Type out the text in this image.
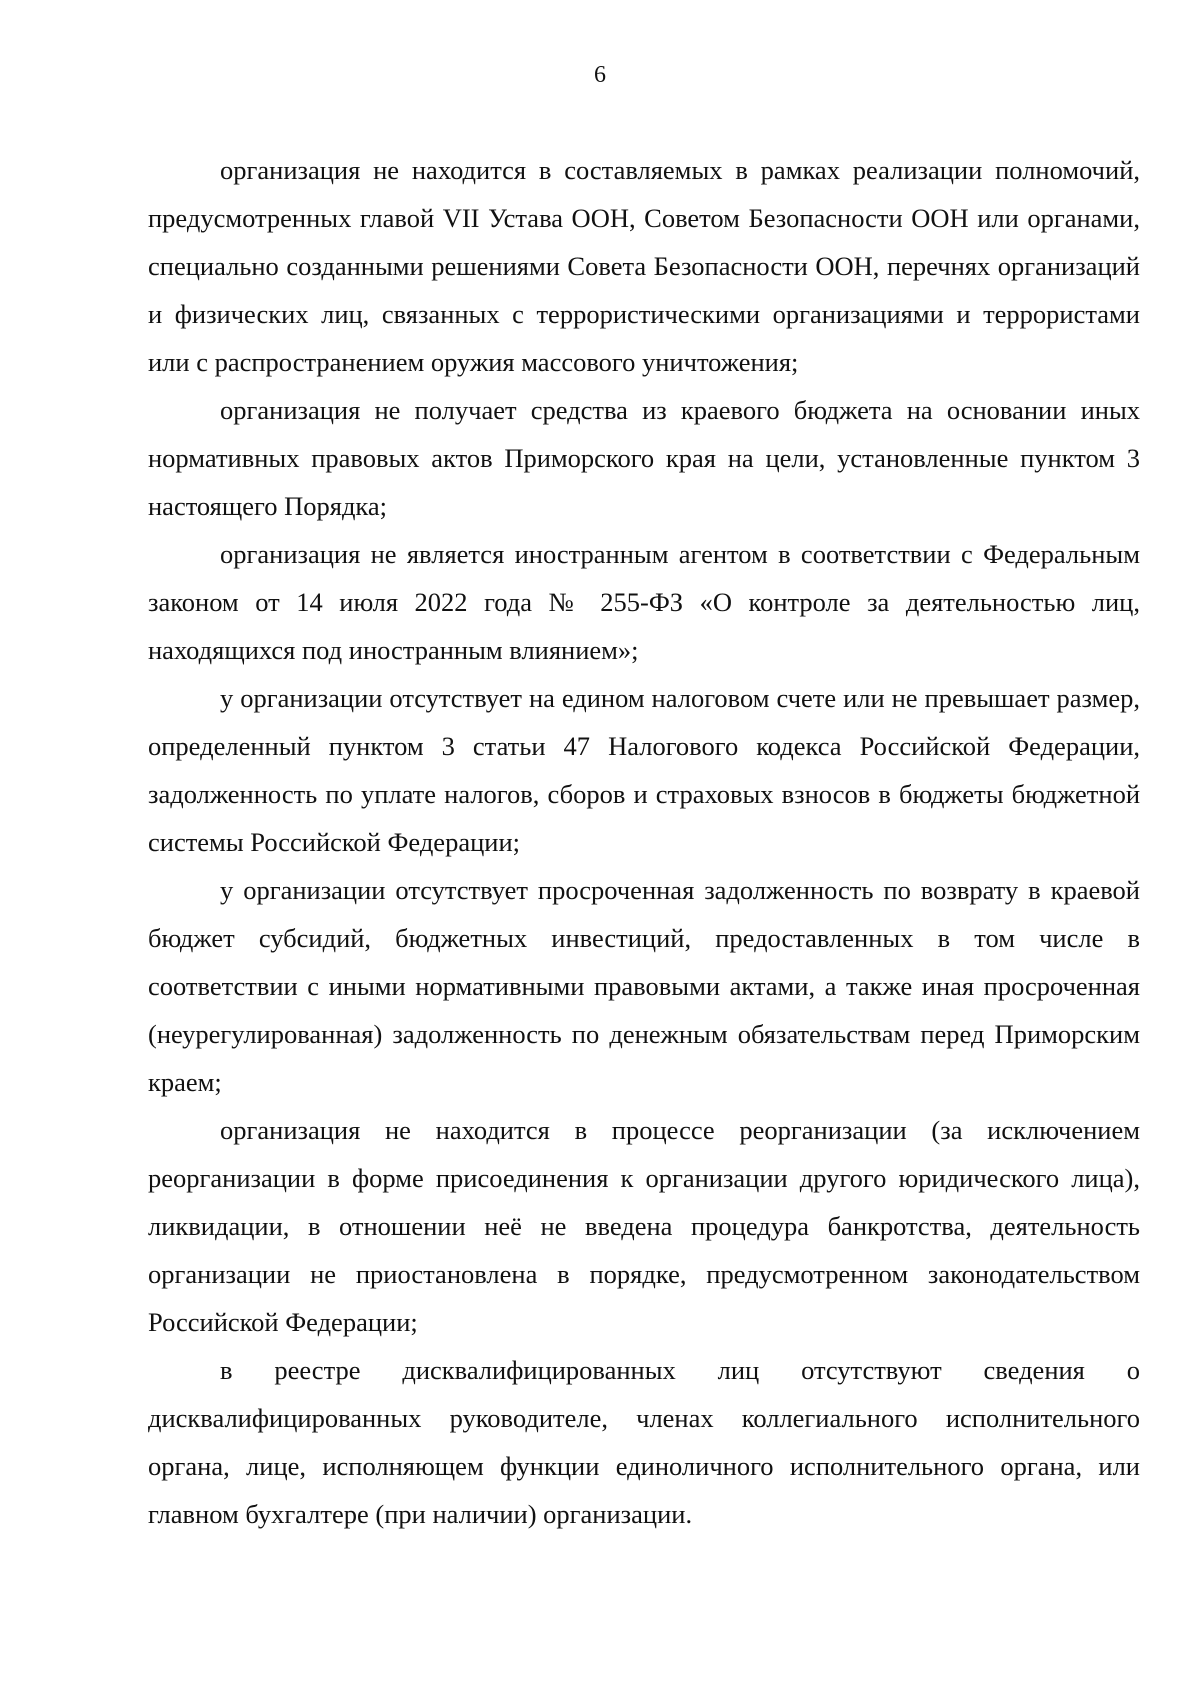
6

организация не находится в составляемых в рамках реализации полномочий, предусмотренных главой VII Устава ООН, Советом Безопасности ООН или органами, специально созданными решениями Совета Безопасности ООН, перечнях организаций и физических лиц, связанных с террористическими организациями и террористами или с распространением оружия массового уничтожения;

организация не получает средства из краевого бюджета на основании иных нормативных правовых актов Приморского края на цели, установленные пунктом 3 настоящего Порядка;

организация не является иностранным агентом в соответствии с Федеральным законом от 14 июля 2022 года № 255-ФЗ «О контроле за деятельностью лиц, находящихся под иностранным влиянием»;

у организации отсутствует на едином налоговом счете или не превышает размер, определенный пунктом 3 статьи 47 Налогового кодекса Российской Федерации, задолженность по уплате налогов, сборов и страховых взносов в бюджеты бюджетной системы Российской Федерации;

у организации отсутствует просроченная задолженность по возврату в краевой бюджет субсидий, бюджетных инвестиций, предоставленных в том числе в соответствии с иными нормативными правовыми актами, а также иная просроченная (неурегулированная) задолженность по денежным обязательствам перед Приморским краем;

организация не находится в процессе реорганизации (за исключением реорганизации в форме присоединения к организации другого юридического лица), ликвидации, в отношении неё не введена процедура банкротства, деятельность организации не приостановлена в порядке, предусмотренном законодательством Российской Федерации;

в реестре дисквалифицированных лиц отсутствуют сведения о дисквалифицированных руководителе, членах коллегиального исполнительного органа, лице, исполняющем функции единоличного исполнительного органа, или главном бухгалтере (при наличии) организации.
